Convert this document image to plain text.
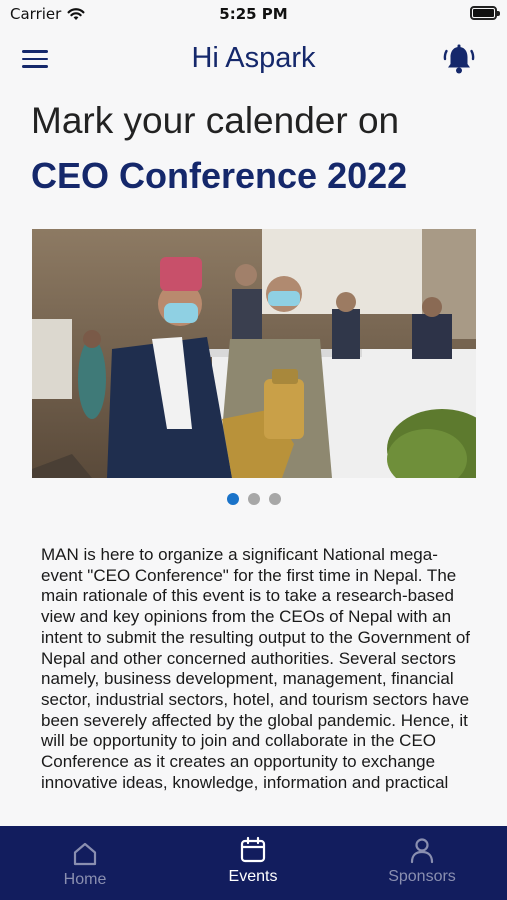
Carrier	5:25 PM
Hi Aspark
Mark your calender on
CEO Conference 2022
MAN is here to organize a significant National mega-event "CEO Conference" for the first time in Nepal. The main rationale of this event is to take a research-based view and key opinions from the CEOs of Nepal with an intent to submit the resulting output to the Government of Nepal and other concerned authorities. Several sectors namely, business development, management, financial sector, industrial sectors, hotel, and tourism sectors have been severely affected by the global pandemic. Hence, it will be opportunity to join and collaborate in the CEO Conference as it creates an opportunity to exchange innovative ideas, knowledge, information and practical
Home	Events	Sponsors
